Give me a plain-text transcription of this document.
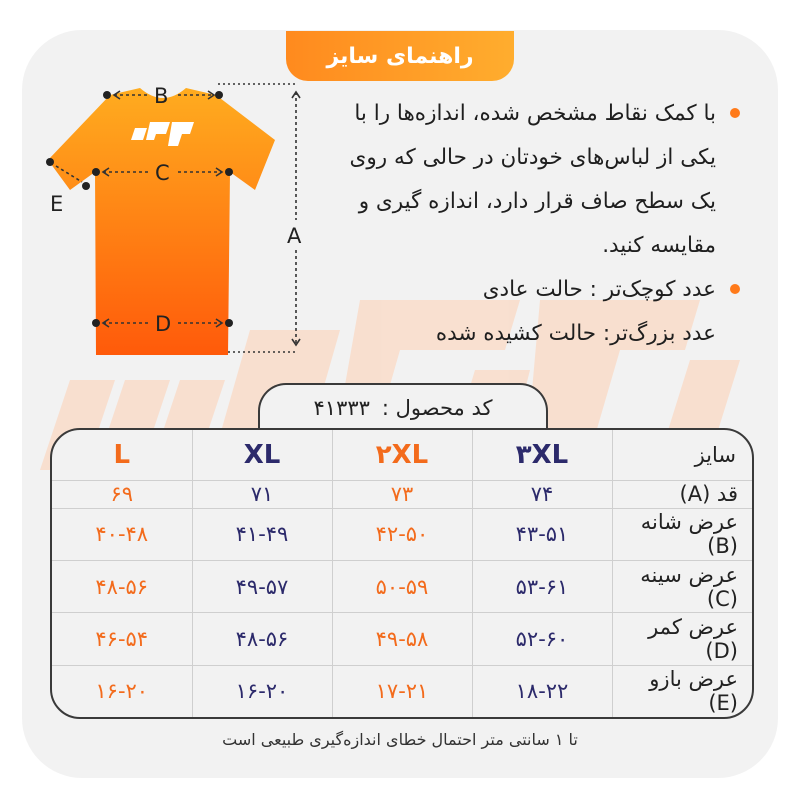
راهنمای سایز
B
C
D
A
E
با کمک نقاط مشخص شده، اندازه‌ها را با یکی از لباس‌های خودتان در حالی که روی یک سطح صاف قرار دارد، اندازه گیری و مقایسه کنید.
عدد کوچک‌تر : حالت عادی
عدد بزرگ‌تر: حالت کشیده شده
کد محصول :
۴۱۳۳۳
سایز	۳XL	۲XL	XL	L
قد (A)	۷۴	۷۳	۷۱	۶۹
عرض شانه (B)	۴۳-۵۱	۴۲-۵۰	۴۱-۴۹	۴۰-۴۸
عرض سینه (C)	۵۳-۶۱	۵۰-۵۹	۴۹-۵۷	۴۸-۵۶
عرض کمر (D)	۵۲-۶۰	۴۹-۵۸	۴۸-۵۶	۴۶-۵۴
عرض بازو (E)	۱۸-۲۲	۱۷-۲۱	۱۶-۲۰	۱۶-۲۰
تا ۱ سانتی متر احتمال خطای اندازه‌گیری طبیعی است
